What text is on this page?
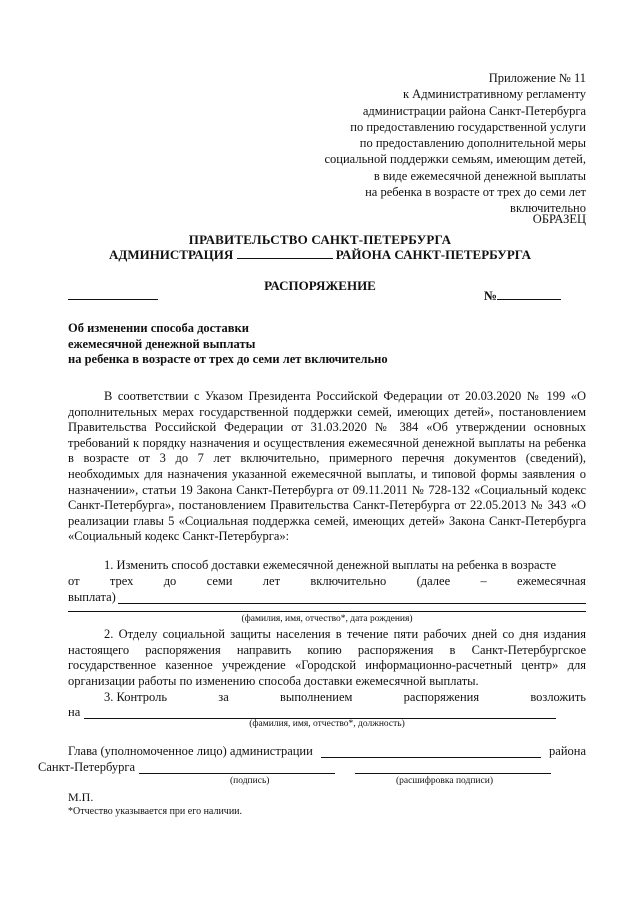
Приложение № 11
к Административному регламенту
администрации района Санкт-Петербурга
по предоставлению государственной услуги
по предоставлению дополнительной меры
социальной поддержки семьям, имеющим детей,
в виде ежемесячной денежной выплаты
на ребенка в возрасте от трех до семи лет
включительно
ОБРАЗЕЦ
ПРАВИТЕЛЬСТВО САНКТ-ПЕТЕРБУРГА
АДМИНИСТРАЦИЯ	РАЙОНА САНКТ-ПЕТЕРБУРГА
РАСПОРЯЖЕНИЕ
№
Об изменении способа доставки
ежемесячной денежной выплаты
на ребенка в возрасте от трех до семи лет включительно
В соответствии с Указом Президента Российской Федерации от 20.03.2020 № 199 «О дополнительных мерах государственной поддержки семей, имеющих детей», постановлением Правительства Российской Федерации от 31.03.2020 № 384 «Об утверждении основных требований к порядку назначения и осуществления ежемесячной денежной выплаты на ребенка в возрасте от 3 до 7 лет включительно, примерного перечня документов (сведений), необходимых для назначения указанной ежемесячной выплаты, и типовой формы заявления о назначении», статьи 19 Закона Санкт-Петербурга от 09.11.2011 № 728-132 «Социальный кодекс Санкт-Петербурга», постановлением Правительства Санкт-Петербурга от 22.05.2013 № 343 «О реализации главы 5 «Социальная поддержка семей, имеющих детей» Закона Санкт-Петербурга «Социальный кодекс Санкт-Петербурга»:
1. Изменить способ доставки ежемесячной денежной выплаты на ребенка в возрасте
от трех до семи лет включительно (далее – ежемесячная
выплата)
(фамилия, имя, отчество*, дата рождения)
2. Отделу социальной защиты населения в течение пяти рабочих дней со дня издания настоящего распоряжения направить копию распоряжения в Санкт-Петербургское государственное казенное учреждение «Городской информационно-расчетный центр» для организации работы по изменению способа доставки ежемесячной выплаты.
3. Контроль	за	выполнением	распоряжения	возложить
на
(фамилия, имя, отчество*, должность)
Глава (уполномоченное лицо) администрации	района
Санкт-Петербурга
(подпись)	(расшифровка подписи)
М.П.
*Отчество указывается при его наличии.
